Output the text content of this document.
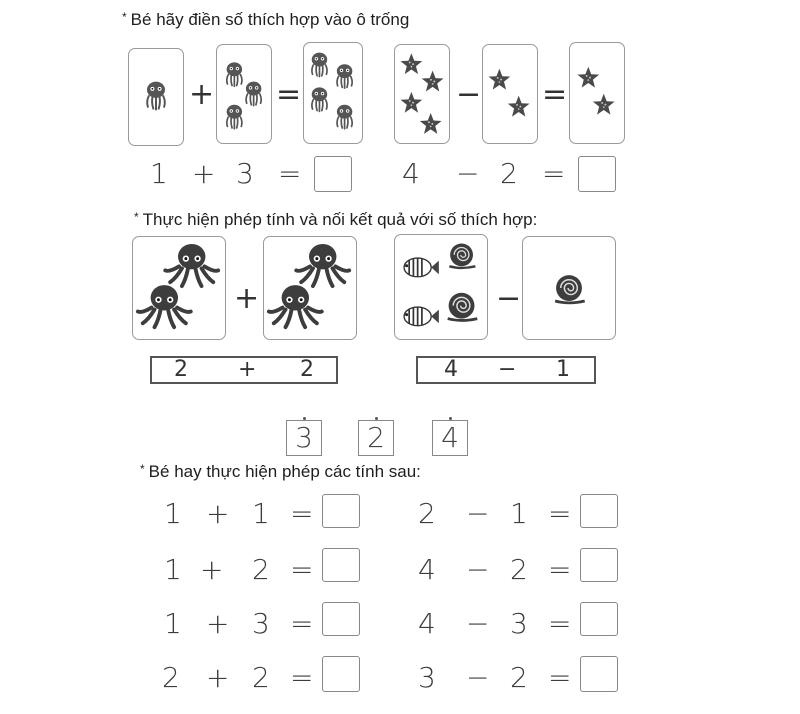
* Bé hãy điền số thích hợp vào ô trống
+ =	− =
1 + 3 =	4 − 2 =
* Thực hiện phép tính và nối kết quả với số thích hợp:
+	−
2 + 2	4 − 1
3	2	4
* Bé hay thực hiện phép các tính sau:
1 + 1 =	2 − 1 =
1 + 2 =	4 − 2 =
1 + 3 =	4 − 3 =
2 + 2 =	3 − 2 =
